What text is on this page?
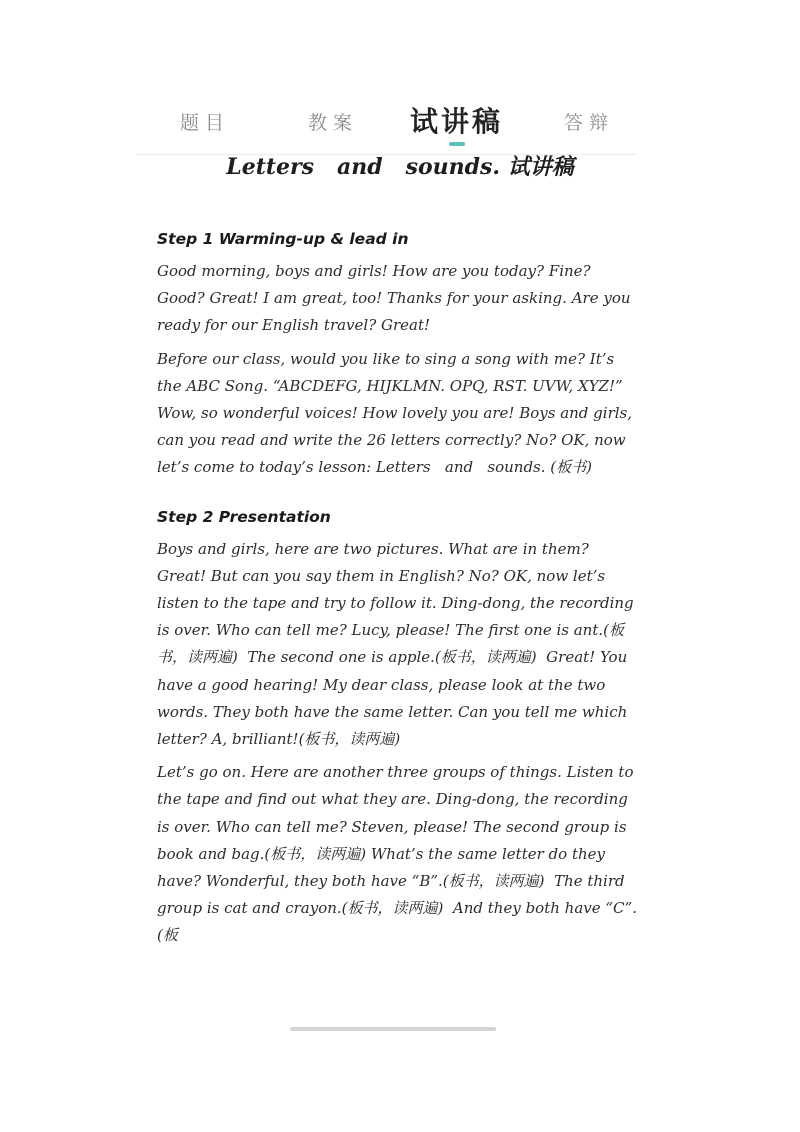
题目	教案 试讲稿	答辩
Letters   and   sounds. 试讲稿
Step 1 Warming-up & lead in

Good morning, boys and girls! How are you today? Fine? Good? Great! I am great, too! Thanks for your asking. Are you ready for our English travel? Great!

Before our class, would you like to sing a song with me? It’s the ABC Song. “ABCDEFG, HIJKLMN. OPQ, RST. UVW, XYZ!” Wow, so wonderful voices! How lovely you are! Boys and girls, can you read and write the 26 letters correctly? No? OK, now let’s come to today’s lesson: Letters   and   sounds. (板书)

Step 2 Presentation

Boys and girls, here are two pictures. What are in them? Great! But can you say them in English? No? OK, now let’s listen to the tape and try to follow it. Ding-dong, the recording is over. Who can tell me? Lucy, please! The first one is ant.(板书，读两遍)  The second one is apple.(板书，读两遍)  Great! You have a good hearing! My dear class, please look at the two words. They both have the same letter. Can you tell me which letter? A, brilliant!(板书，读两遍)

Let’s go on. Here are another three groups of things. Listen to the tape and find out what they are. Ding-dong, the recording is over. Who can tell me? Steven, please! The second group is book and bag.(板书，读两遍) What’s the same letter do they have? Wonderful, they both have “B”.(板书，读两遍)  The third group is cat and crayon.(板书，读两遍)  And they both have “C”.(板
